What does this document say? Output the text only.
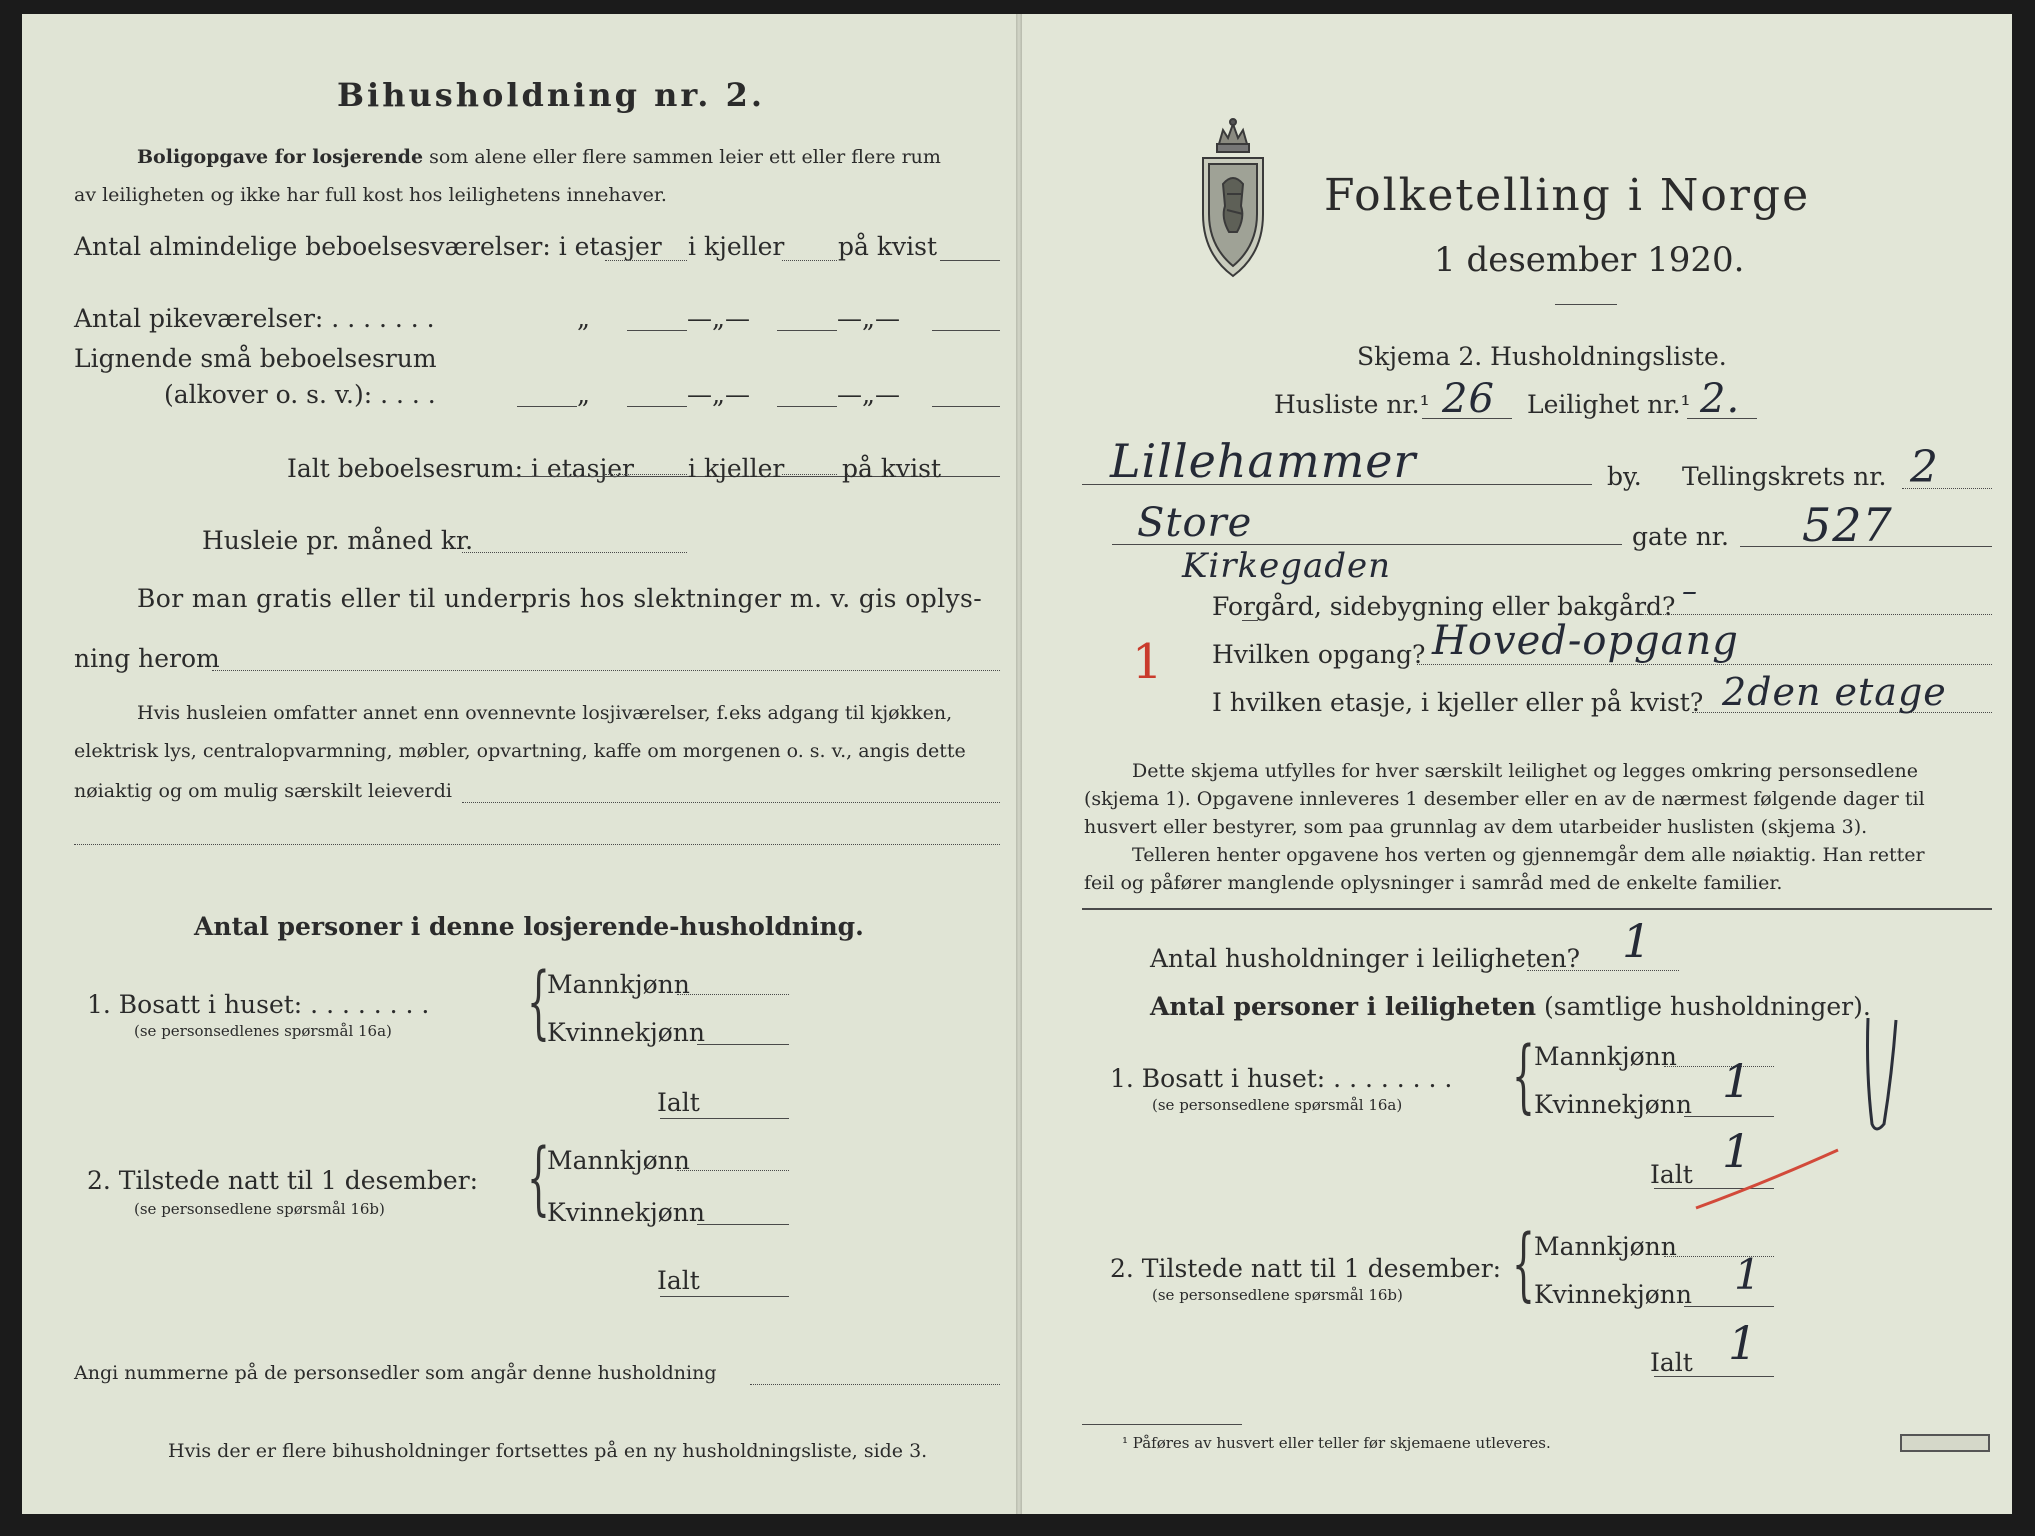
Bihusholdning nr. 2.
Boligopgave for losjerende som alene eller flere sammen leier ett eller flere rum
av leiligheten og ikke har full kost hos leilighetens innehaver.
Antal almindelige beboelsesværelser: i etasjer i kjeller på kvist
Antal pikeværelser: . . . . . . .	„	—„—	—„—
Lignende små beboelsesrum
(alkover o. s. v.): . . . .	„	—„—	—„—
Ialt beboelsesrum: i etasjer i kjeller på kvist
Husleie pr. måned kr.
Bor man gratis eller til underpris hos slektninger m. v. gis oplys-
ning herom
Hvis husleien omfatter annet enn ovennevnte losjiværelser, f.eks adgang til kjøkken,
elektrisk lys, centralopvarmning, møbler, opvartning, kaffe om morgenen o. s. v., angis dette
nøiaktig og om mulig særskilt leieverdi
Antal personer i denne losjerende-husholdning.
1. Bosatt i huset: . . . . . . . .
(se personsedlenes spørsmål 16a) {
Mannkjønn
Kvinnekjønn
Ialt
2. Tilstede natt til 1 desember:
(se personsedlene spørsmål 16b) {
Mannkjønn
Kvinnekjønn
Ialt
Angi nummerne på de personsedler som angår denne husholdning
Hvis der er flere bihusholdninger fortsettes på en ny husholdningsliste, side 3.
Folketelling i Norge
1 desember 1920.
Skjema 2. Husholdningsliste.
Husliste nr.¹ 26 Leilighet nr.¹ 2.
Lillehammer	by. Tellingskrets nr. 2
Store
Kirkegaden
gate nr. 527
Forgård, sidebygning eller bakgård? –
1 Hvilken opgang? Hoved-opgang
I hvilken etasje, i kjeller eller på kvist? 2den etage
Dette skjema utfylles for hver særskilt leilighet og legges omkring personsedlene
(skjema 1). Opgavene innleveres 1 desember eller en av de nærmest følgende dager til
husvert eller bestyrer, som paa grunnlag av dem utarbeider huslisten (skjema 3).
Telleren henter opgavene hos verten og gjennemgår dem alle nøiaktig. Han retter
feil og påfører manglende oplysninger i samråd med de enkelte familier.
Antal husholdninger i leiligheten? 1
Antal personer i leiligheten (samtlige husholdninger).
1. Bosatt i huset: . . . . . . . .
(se personsedlene spørsmål 16a) { Mannkjønn
Kvinnekjønn 1
Ialt 1
2. Tilstede natt til 1 desember:
(se personsedlene spørsmål 16b) { Mannkjønn
Kvinnekjønn 1
Ialt 1
¹ Påføres av husvert eller teller før skjemaene utleveres.
